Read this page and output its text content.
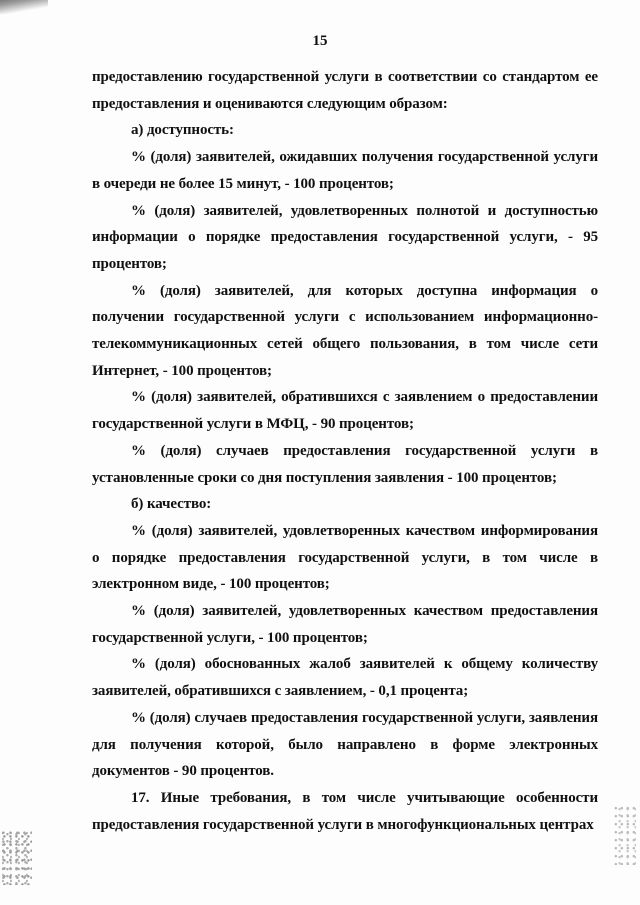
15

предоставлению государственной услуги в соответствии со стандартом ее предоставления и оцениваются следующим образом:

а) доступность:

% (доля) заявителей, ожидавших получения государственной услуги в очереди не более 15 минут, - 100 процентов;

% (доля) заявителей, удовлетворенных полнотой и доступностью информации о порядке предоставления государственной услуги, - 95 процентов;

% (доля) заявителей, для которых доступна информация о получении государственной услуги с использованием информационно-телекоммуникационных сетей общего пользования, в том числе сети Интернет, - 100 процентов;

% (доля) заявителей, обратившихся с заявлением о предоставлении государственной услуги в МФЦ, - 90 процентов;

% (доля) случаев предоставления государственной услуги в установленные сроки со дня поступления заявления - 100 процентов;

б) качество:

% (доля) заявителей, удовлетворенных качеством информирования о порядке предоставления государственной услуги, в том числе в электронном виде, - 100 процентов;

% (доля) заявителей, удовлетворенных качеством предоставления государственной услуги, - 100 процентов;

% (доля) обоснованных жалоб заявителей к общему количеству заявителей, обратившихся с заявлением, - 0,1 процента;

% (доля) случаев предоставления государственной услуги, заявления для получения которой, было направлено в форме электронных документов - 90 процентов.

17. Иные требования, в том числе учитывающие особенности предоставления государственной услуги в многофункциональных центрах
